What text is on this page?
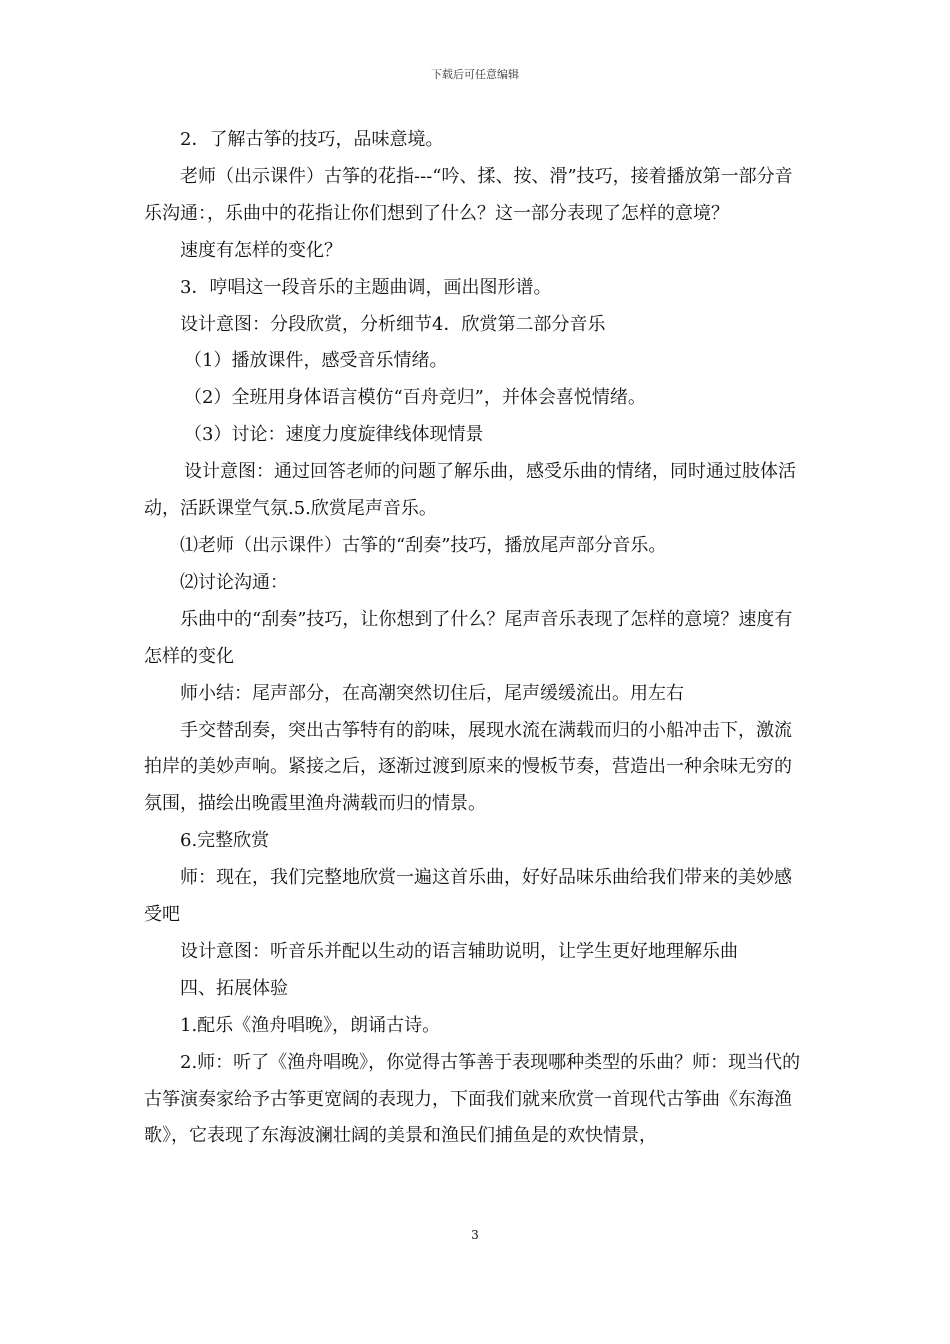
下载后可任意编辑

2．了解古筝的技巧，品味意境。

老师（出示课件）古筝的花指---“吟、揉、按、滑”技巧，接着播放第一部分音乐沟通：，乐曲中的花指让你们想到了什么？这一部分表现了怎样的意境？

速度有怎样的变化？

3．哼唱这一段音乐的主题曲调，画出图形谱。

设计意图：分段欣赏，分析细节4．欣赏第二部分音乐

（1）播放课件，感受音乐情绪。

（2）全班用身体语言模仿“百舟竞归”，并体会喜悦情绪。

（3）讨论：速度力度旋律线体现情景

设计意图：通过回答老师的问题了解乐曲，感受乐曲的情绪，同时通过肢体活动，活跃课堂气氛.5.欣赏尾声音乐。

⑴老师（出示课件）古筝的“刮奏”技巧，播放尾声部分音乐。

⑵讨论沟通：

乐曲中的“刮奏”技巧，让你想到了什么？尾声音乐表现了怎样的意境？速度有怎样的变化

师小结：尾声部分，在高潮突然切住后，尾声缓缓流出。用左右

手交替刮奏，突出古筝特有的韵味，展现水流在满载而归的小船冲击下，激流拍岸的美妙声响。紧接之后，逐渐过渡到原来的慢板节奏，营造出一种余味无穷的氛围，描绘出晚霞里渔舟满载而归的情景。

6.完整欣赏

师：现在，我们完整地欣赏一遍这首乐曲，好好品味乐曲给我们带来的美妙感受吧

设计意图：听音乐并配以生动的语言辅助说明，让学生更好地理解乐曲

四、拓展体验

1.配乐《渔舟唱晚》，朗诵古诗。

2.师：听了《渔舟唱晚》，你觉得古筝善于表现哪种类型的乐曲？师：现当代的古筝演奏家给予古筝更宽阔的表现力，下面我们就来欣赏一首现代古筝曲《东海渔歌》，它表现了东海波澜壮阔的美景和渔民们捕鱼是的欢快情景，

3
